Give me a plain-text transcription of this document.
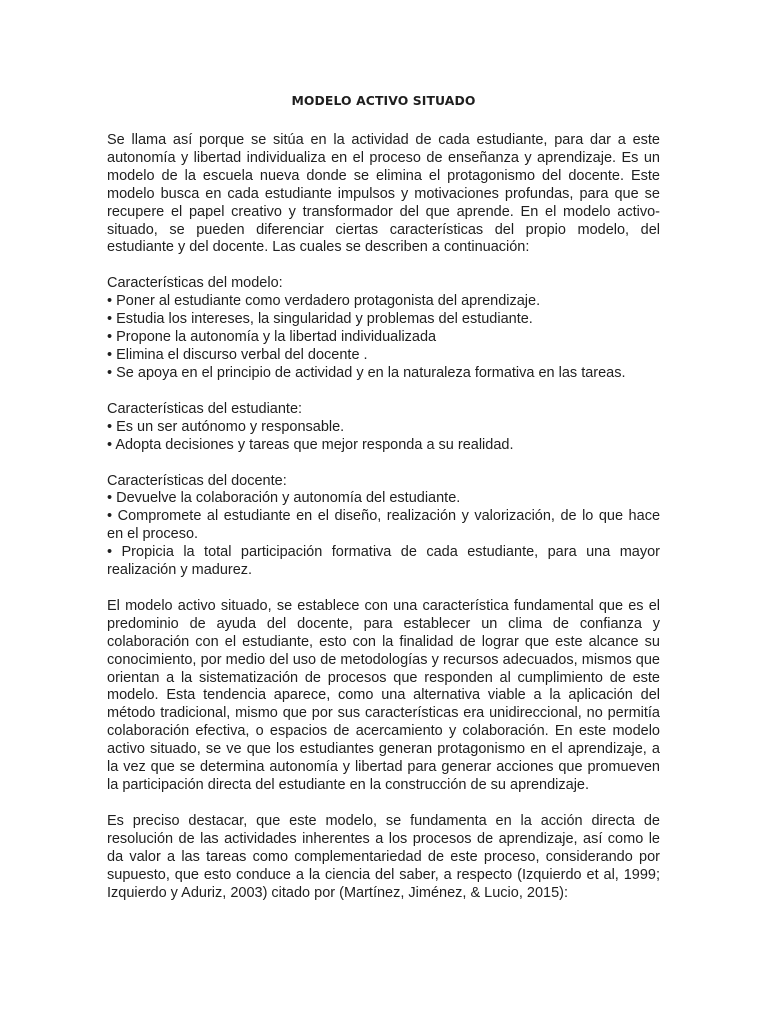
MODELO ACTIVO SITUADO

Se llama así porque se sitúa en la actividad de cada estudiante, para dar a este autonomía y libertad individualiza en el proceso de enseñanza y aprendizaje. Es un modelo de la escuela nueva donde se elimina el protagonismo del docente. Este modelo busca en cada estudiante impulsos y motivaciones profundas, para que se recupere el papel creativo y transformador del que aprende. En el modelo activo-situado, se pueden diferenciar ciertas características del propio modelo, del estudiante y del docente. Las cuales se describen a continuación:

Características del modelo:

• Poner al estudiante como verdadero protagonista del aprendizaje.
• Estudia los intereses, la singularidad y problemas del estudiante.
• Propone la autonomía y la libertad individualizada
• Elimina el discurso verbal del docente .
• Se apoya en el principio de actividad y en la naturaleza formativa en las tareas.

Características del estudiante:

• Es un ser autónomo y responsable.
• Adopta decisiones y tareas que mejor responda a su realidad.

Características del docente:

• Devuelve la colaboración y autonomía del estudiante.
• Compromete al estudiante en el diseño, realización y valorización, de lo que hace en el proceso.
• Propicia la total participación formativa de cada estudiante, para una mayor realización y madurez.

El modelo activo situado, se establece con una característica fundamental que es el predominio de ayuda del docente, para establecer un clima de confianza y colaboración con el estudiante, esto con la finalidad de lograr que este alcance su conocimiento, por medio del uso de metodologías y recursos adecuados, mismos que orientan a la sistematización de procesos que responden al cumplimiento de este modelo. Esta tendencia aparece, como una alternativa viable a la aplicación del método tradicional, mismo que por sus características era unidireccional, no permitía colaboración efectiva, o espacios de acercamiento y colaboración. En este modelo activo situado, se ve que los estudiantes generan protagonismo en el aprendizaje, a la vez que se determina autonomía y libertad para generar acciones que promueven la participación directa del estudiante en la construcción de su aprendizaje.

Es preciso destacar, que este modelo, se fundamenta en la acción directa de resolución de las actividades inherentes a los procesos de aprendizaje, así como le da valor a las tareas como complementariedad de este proceso, considerando por supuesto, que esto conduce a la ciencia del saber, a respecto (Izquierdo et al, 1999; Izquierdo y Aduriz, 2003) citado por (Martínez, Jiménez, & Lucio, 2015):
